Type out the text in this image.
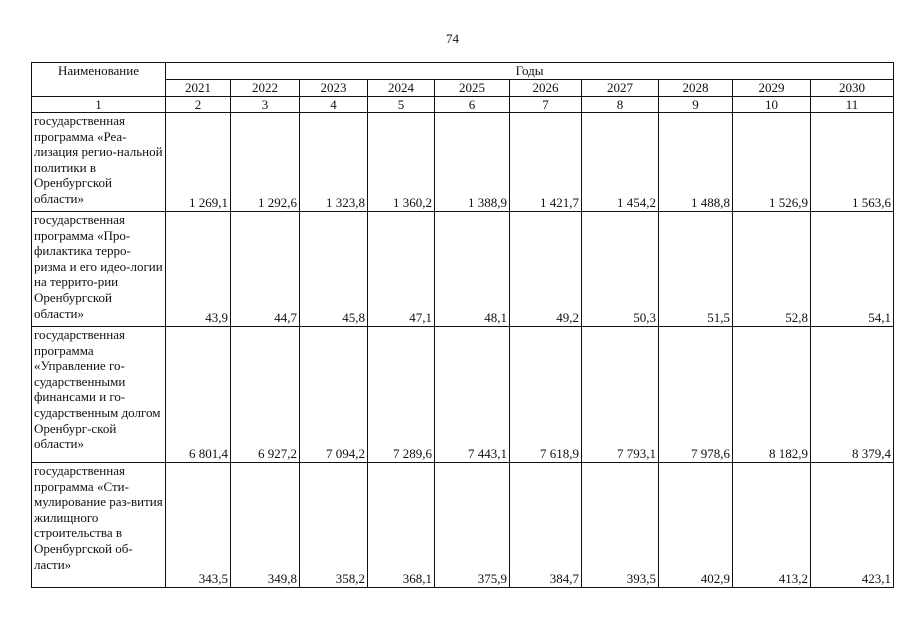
74
Наименование	Годы									
	2021	2022	2023	2024	2025	2026	2027	2028	2029	2030
1	2	3	4	5	6	7	8	9	10	11
государственная программа «Реа-лизация регио-нальной политики в Оренбургской области»	1 269,1	1 292,6	1 323,8	1 360,2	1 388,9	1 421,7	1 454,2	1 488,8	1 526,9	1 563,6
государственная программа «Про-филактика терро-ризма и его идео-логии на террито-рии Оренбургской области»	43,9	44,7	45,8	47,1	48,1	49,2	50,3	51,5	52,8	54,1
государственная программа «Управление го-сударственными финансами и го-сударственным долгом Оренбург-ской области»	6 801,4	6 927,2	7 094,2	7 289,6	7 443,1	7 618,9	7 793,1	7 978,6	8 182,9	8 379,4
государственная программа «Сти-мулирование раз-вития жилищного строительства в Оренбургской об-ласти»	343,5	349,8	358,2	368,1	375,9	384,7	393,5	402,9	413,2	423,1
